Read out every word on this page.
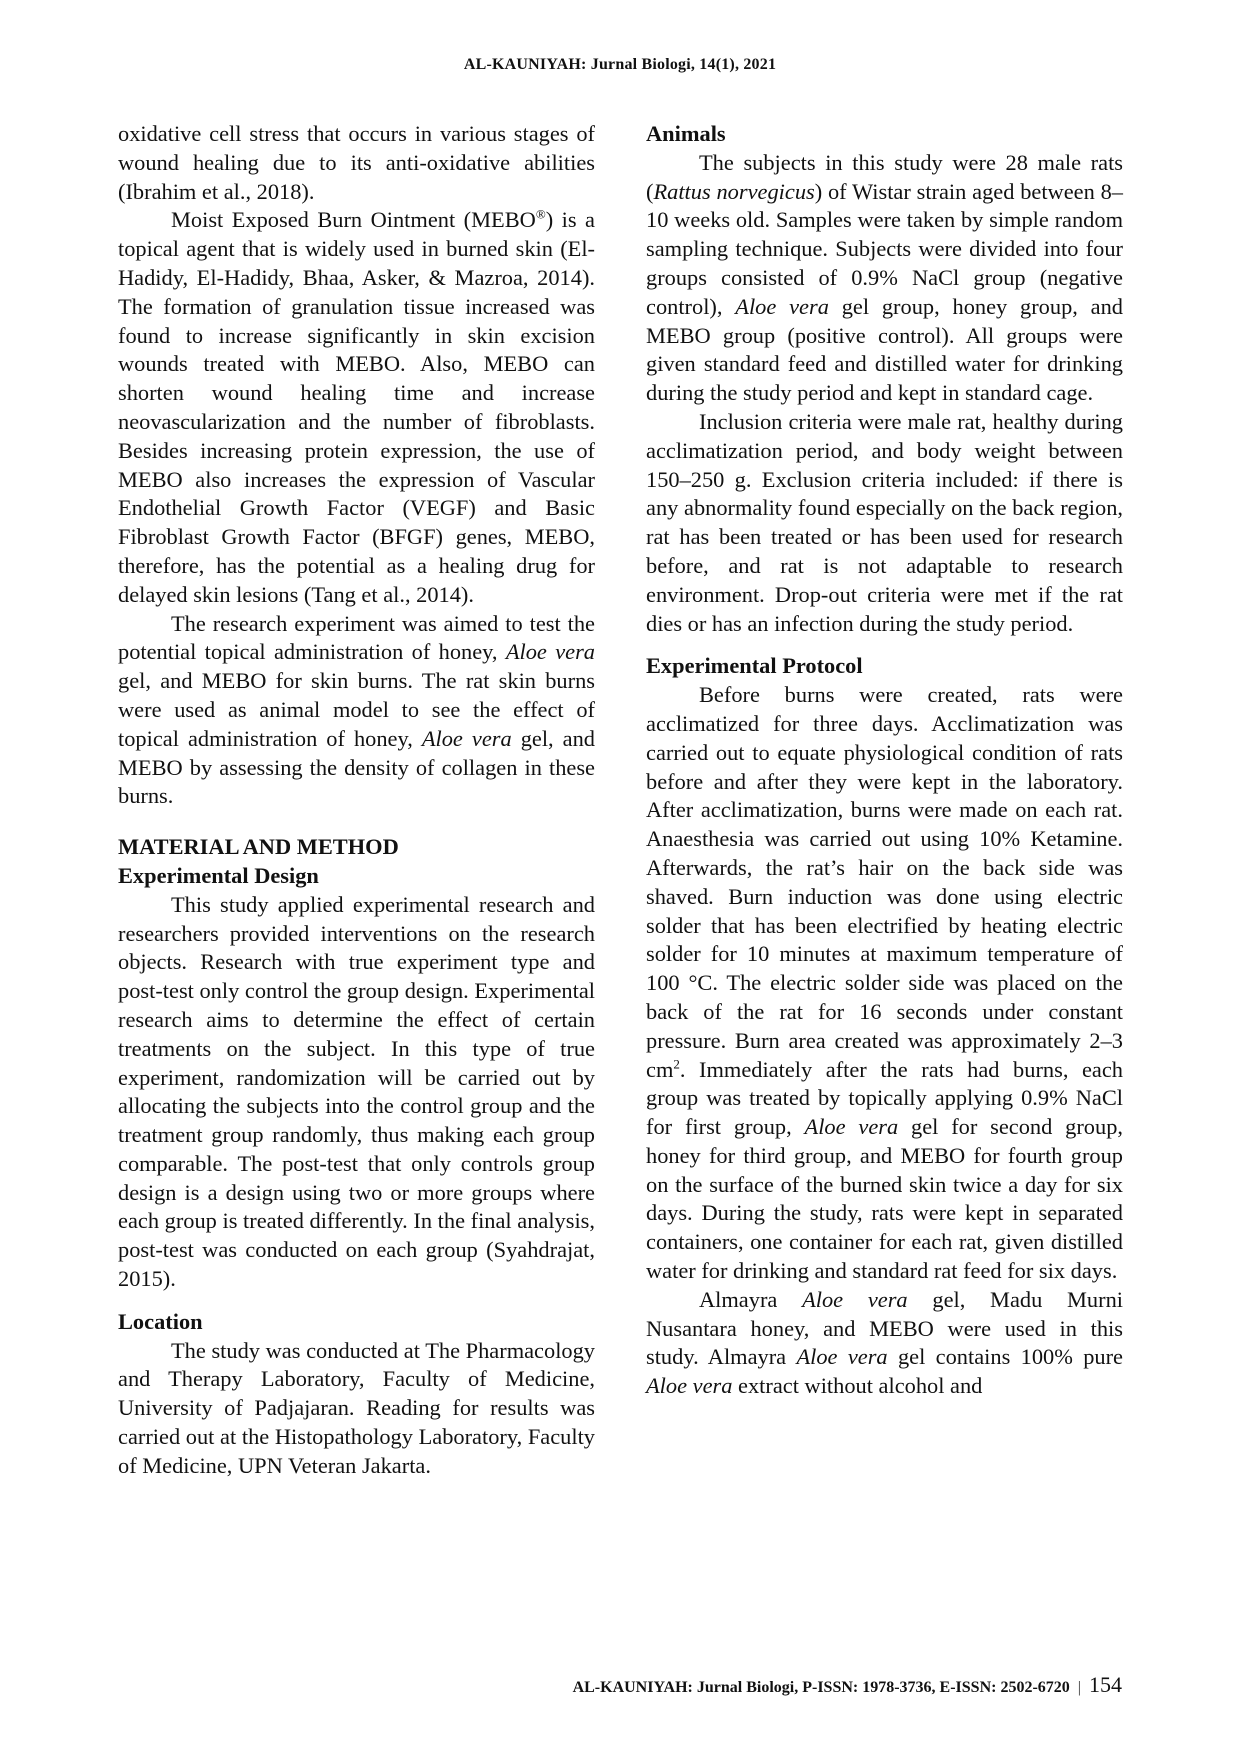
AL-KAUNIYAH: Jurnal Biologi, 14(1), 2021

oxidative cell stress that occurs in various stages of wound healing due to its anti-oxidative abilities (Ibrahim et al., 2018).

Moist Exposed Burn Ointment (MEBO®) is a topical agent that is widely used in burned skin (El-Hadidy, El-Hadidy, Bhaa, Asker, & Mazroa, 2014). The formation of granulation tissue increased was found to increase significantly in skin excision wounds treated with MEBO. Also, MEBO can shorten wound healing time and increase neovascularization and the number of fibroblasts. Besides increasing protein expression, the use of MEBO also increases the expression of Vascular Endothelial Growth Factor (VEGF) and Basic Fibroblast Growth Factor (BFGF) genes, MEBO, therefore, has the potential as a healing drug for delayed skin lesions (Tang et al., 2014).

The research experiment was aimed to test the potential topical administration of honey, Aloe vera gel, and MEBO for skin burns. The rat skin burns were used as animal model to see the effect of topical administration of honey, Aloe vera gel, and MEBO by assessing the density of collagen in these burns.

MATERIAL AND METHOD
Experimental Design

This study applied experimental research and researchers provided interventions on the research objects. Research with true experiment type and post-test only control the group design. Experimental research aims to determine the effect of certain treatments on the subject. In this type of true experiment, randomization will be carried out by allocating the subjects into the control group and the treatment group randomly, thus making each group comparable. The post-test that only controls group design is a design using two or more groups where each group is treated differently. In the final analysis, post-test was conducted on each group (Syahdrajat, 2015).

Location

The study was conducted at The Pharmacology and Therapy Laboratory, Faculty of Medicine, University of Padjajaran. Reading for results was carried out at the Histopathology Laboratory, Faculty of Medicine, UPN Veteran Jakarta.

Animals

The subjects in this study were 28 male rats (Rattus norvegicus) of Wistar strain aged between 8–10 weeks old. Samples were taken by simple random sampling technique. Subjects were divided into four groups consisted of 0.9% NaCl group (negative control), Aloe vera gel group, honey group, and MEBO group (positive control). All groups were given standard feed and distilled water for drinking during the study period and kept in standard cage.

Inclusion criteria were male rat, healthy during acclimatization period, and body weight between 150–250 g. Exclusion criteria included: if there is any abnormality found especially on the back region, rat has been treated or has been used for research before, and rat is not adaptable to research environment. Drop-out criteria were met if the rat dies or has an infection during the study period.

Experimental Protocol

Before burns were created, rats were acclimatized for three days. Acclimatization was carried out to equate physiological condition of rats before and after they were kept in the laboratory. After acclimatization, burns were made on each rat. Anaesthesia was carried out using 10% Ketamine. Afterwards, the rat’s hair on the back side was shaved. Burn induction was done using electric solder that has been electrified by heating electric solder for 10 minutes at maximum temperature of 100 °C. The electric solder side was placed on the back of the rat for 16 seconds under constant pressure. Burn area created was approximately 2–3 $cm^2$. Immediately after the rats had burns, each group was treated by topically applying 0.9% NaCl for first group, Aloe vera gel for second group, honey for third group, and MEBO for fourth group on the surface of the burned skin twice a day for six days. During the study, rats were kept in separated containers, one container for each rat, given distilled water for drinking and standard rat feed for six days.

Almayra Aloe vera gel, Madu Murni Nusantara honey, and MEBO were used in this study. Almayra Aloe vera gel contains 100% pure Aloe vera extract without alcohol and

AL-KAUNIYAH: Jurnal Biologi, P-ISSN: 1978-3736, E-ISSN: 2502-6720 | 154
